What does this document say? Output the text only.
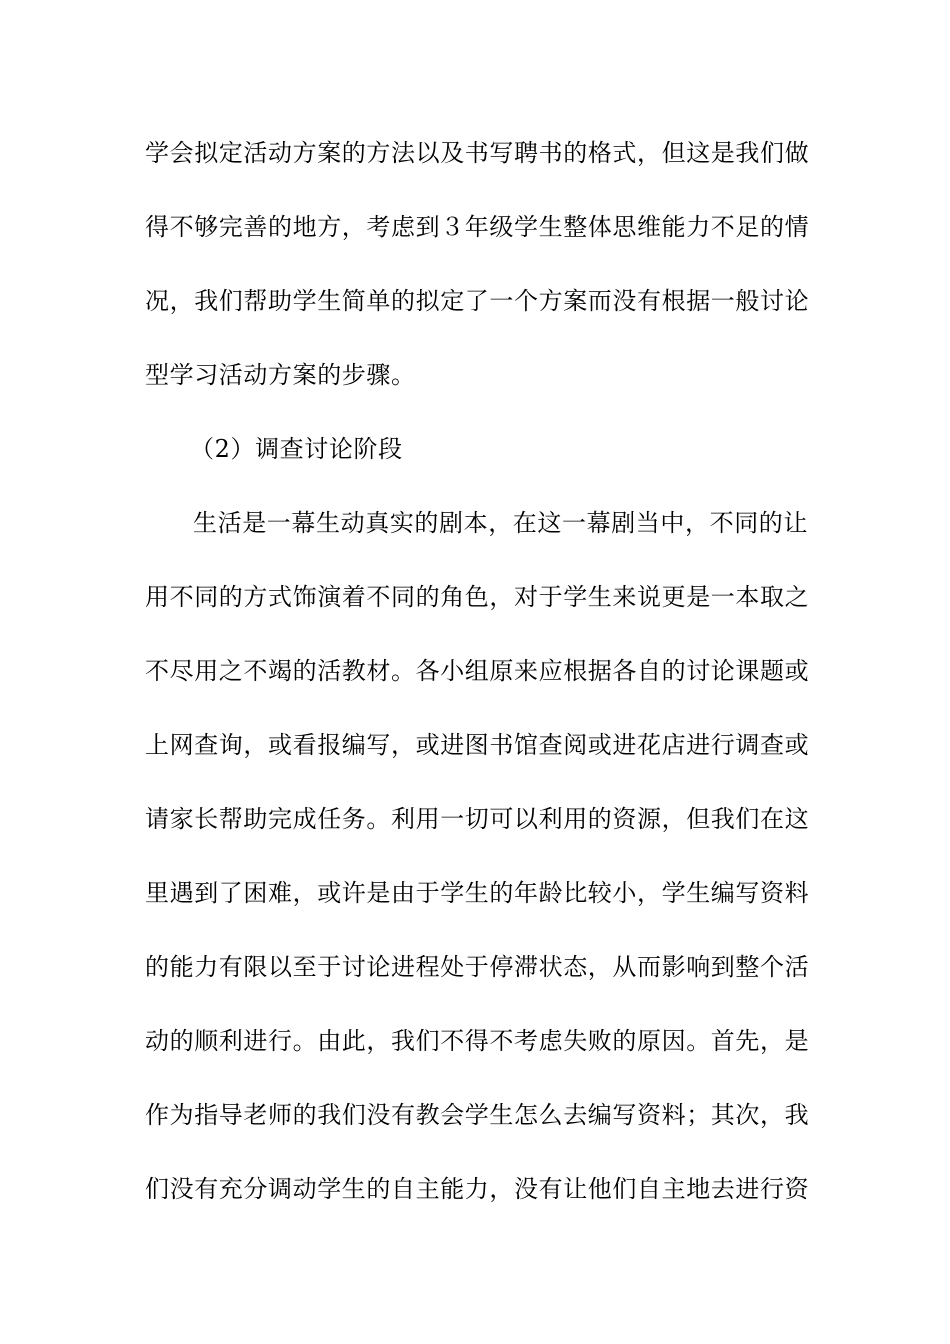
学会拟定活动方案的方法以及书写聘书的格式，但这是我们做
得不够完善的地方，考虑到３年级学生整体思维能力不足的情
况，我们帮助学生简单的拟定了一个方案而没有根据一般讨论
型学习活动方案的步骤。
（2）调查讨论阶段
生活是一幕生动真实的剧本，在这一幕剧当中，不同的让
用不同的方式饰演着不同的角色，对于学生来说更是一本取之
不尽用之不竭的活教材。各小组原来应根据各自的讨论课题或
上网查询，或看报编写，或进图书馆查阅或进花店进行调查或
请家长帮助完成任务。利用一切可以利用的资源，但我们在这
里遇到了困难，或许是由于学生的年龄比较小，学生编写资料
的能力有限以至于讨论进程处于停滞状态，从而影响到整个活
动的顺利进行。由此，我们不得不考虑失败的原因。首先，是
作为指导老师的我们没有教会学生怎么去编写资料；其次，我
们没有充分调动学生的自主能力，没有让他们自主地去进行资
